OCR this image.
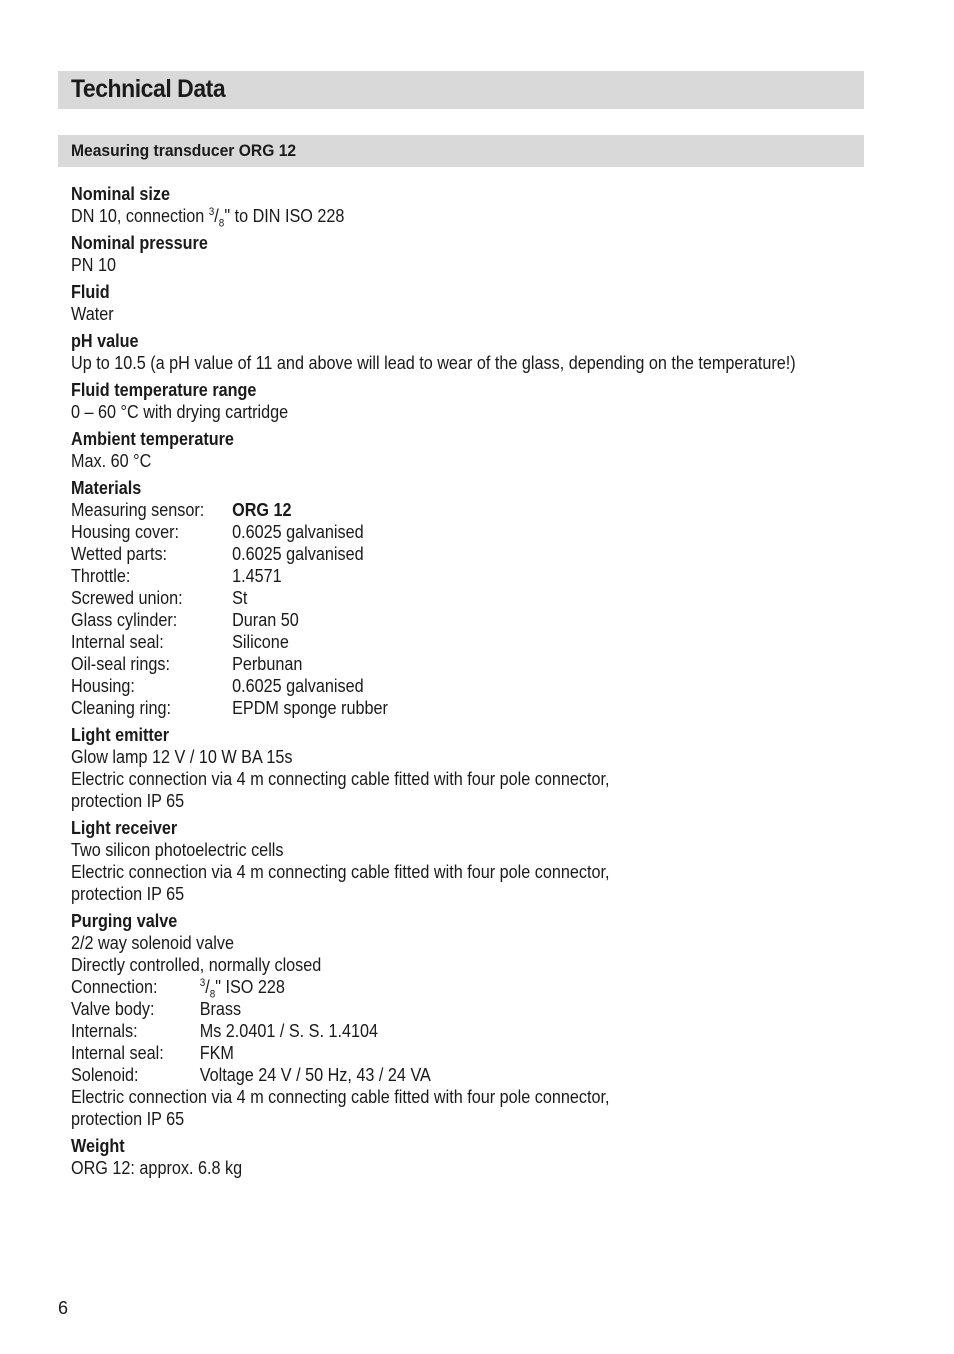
Technical Data
Measuring transducer ORG 12
Nominal size
DN 10, connection $^3/_8$" to DIN ISO 228
Nominal pressure
PN 10
Fluid
Water
pH value
Up to 10.5 (a pH value of 11 and above will lead to wear of the glass, depending on the temperature!)
Fluid temperature range
0 – 60 °C with drying cartridge
Ambient temperature
Max. 60 °C
Materials
Measuring sensor:	ORG 12
Housing cover:	0.6025 galvanised
Wetted parts:	0.6025 galvanised
Throttle:	1.4571
Screwed union:	St
Glass cylinder:	Duran 50
Internal seal:	Silicone
Oil-seal rings:	Perbunan
Housing:	0.6025 galvanised
Cleaning ring:	EPDM sponge rubber
Light emitter
Glow lamp 12 V / 10 W BA 15s
Electric connection via 4 m connecting cable fitted with four pole connector,
protection IP 65
Light receiver
Two silicon photoelectric cells
Electric connection via 4 m connecting cable fitted with four pole connector,
protection IP 65
Purging valve
2/2 way solenoid valve
Directly controlled, normally closed
Connection:	$^3/_8$" ISO 228
Valve body:	Brass
Internals:	Ms 2.0401 / S. S. 1.4104
Internal seal:	FKM
Solenoid:	Voltage 24 V / 50 Hz, 43 / 24 VA
Electric connection via 4 m connecting cable fitted with four pole connector,
protection IP 65
Weight
ORG 12: approx. 6.8 kg
6
